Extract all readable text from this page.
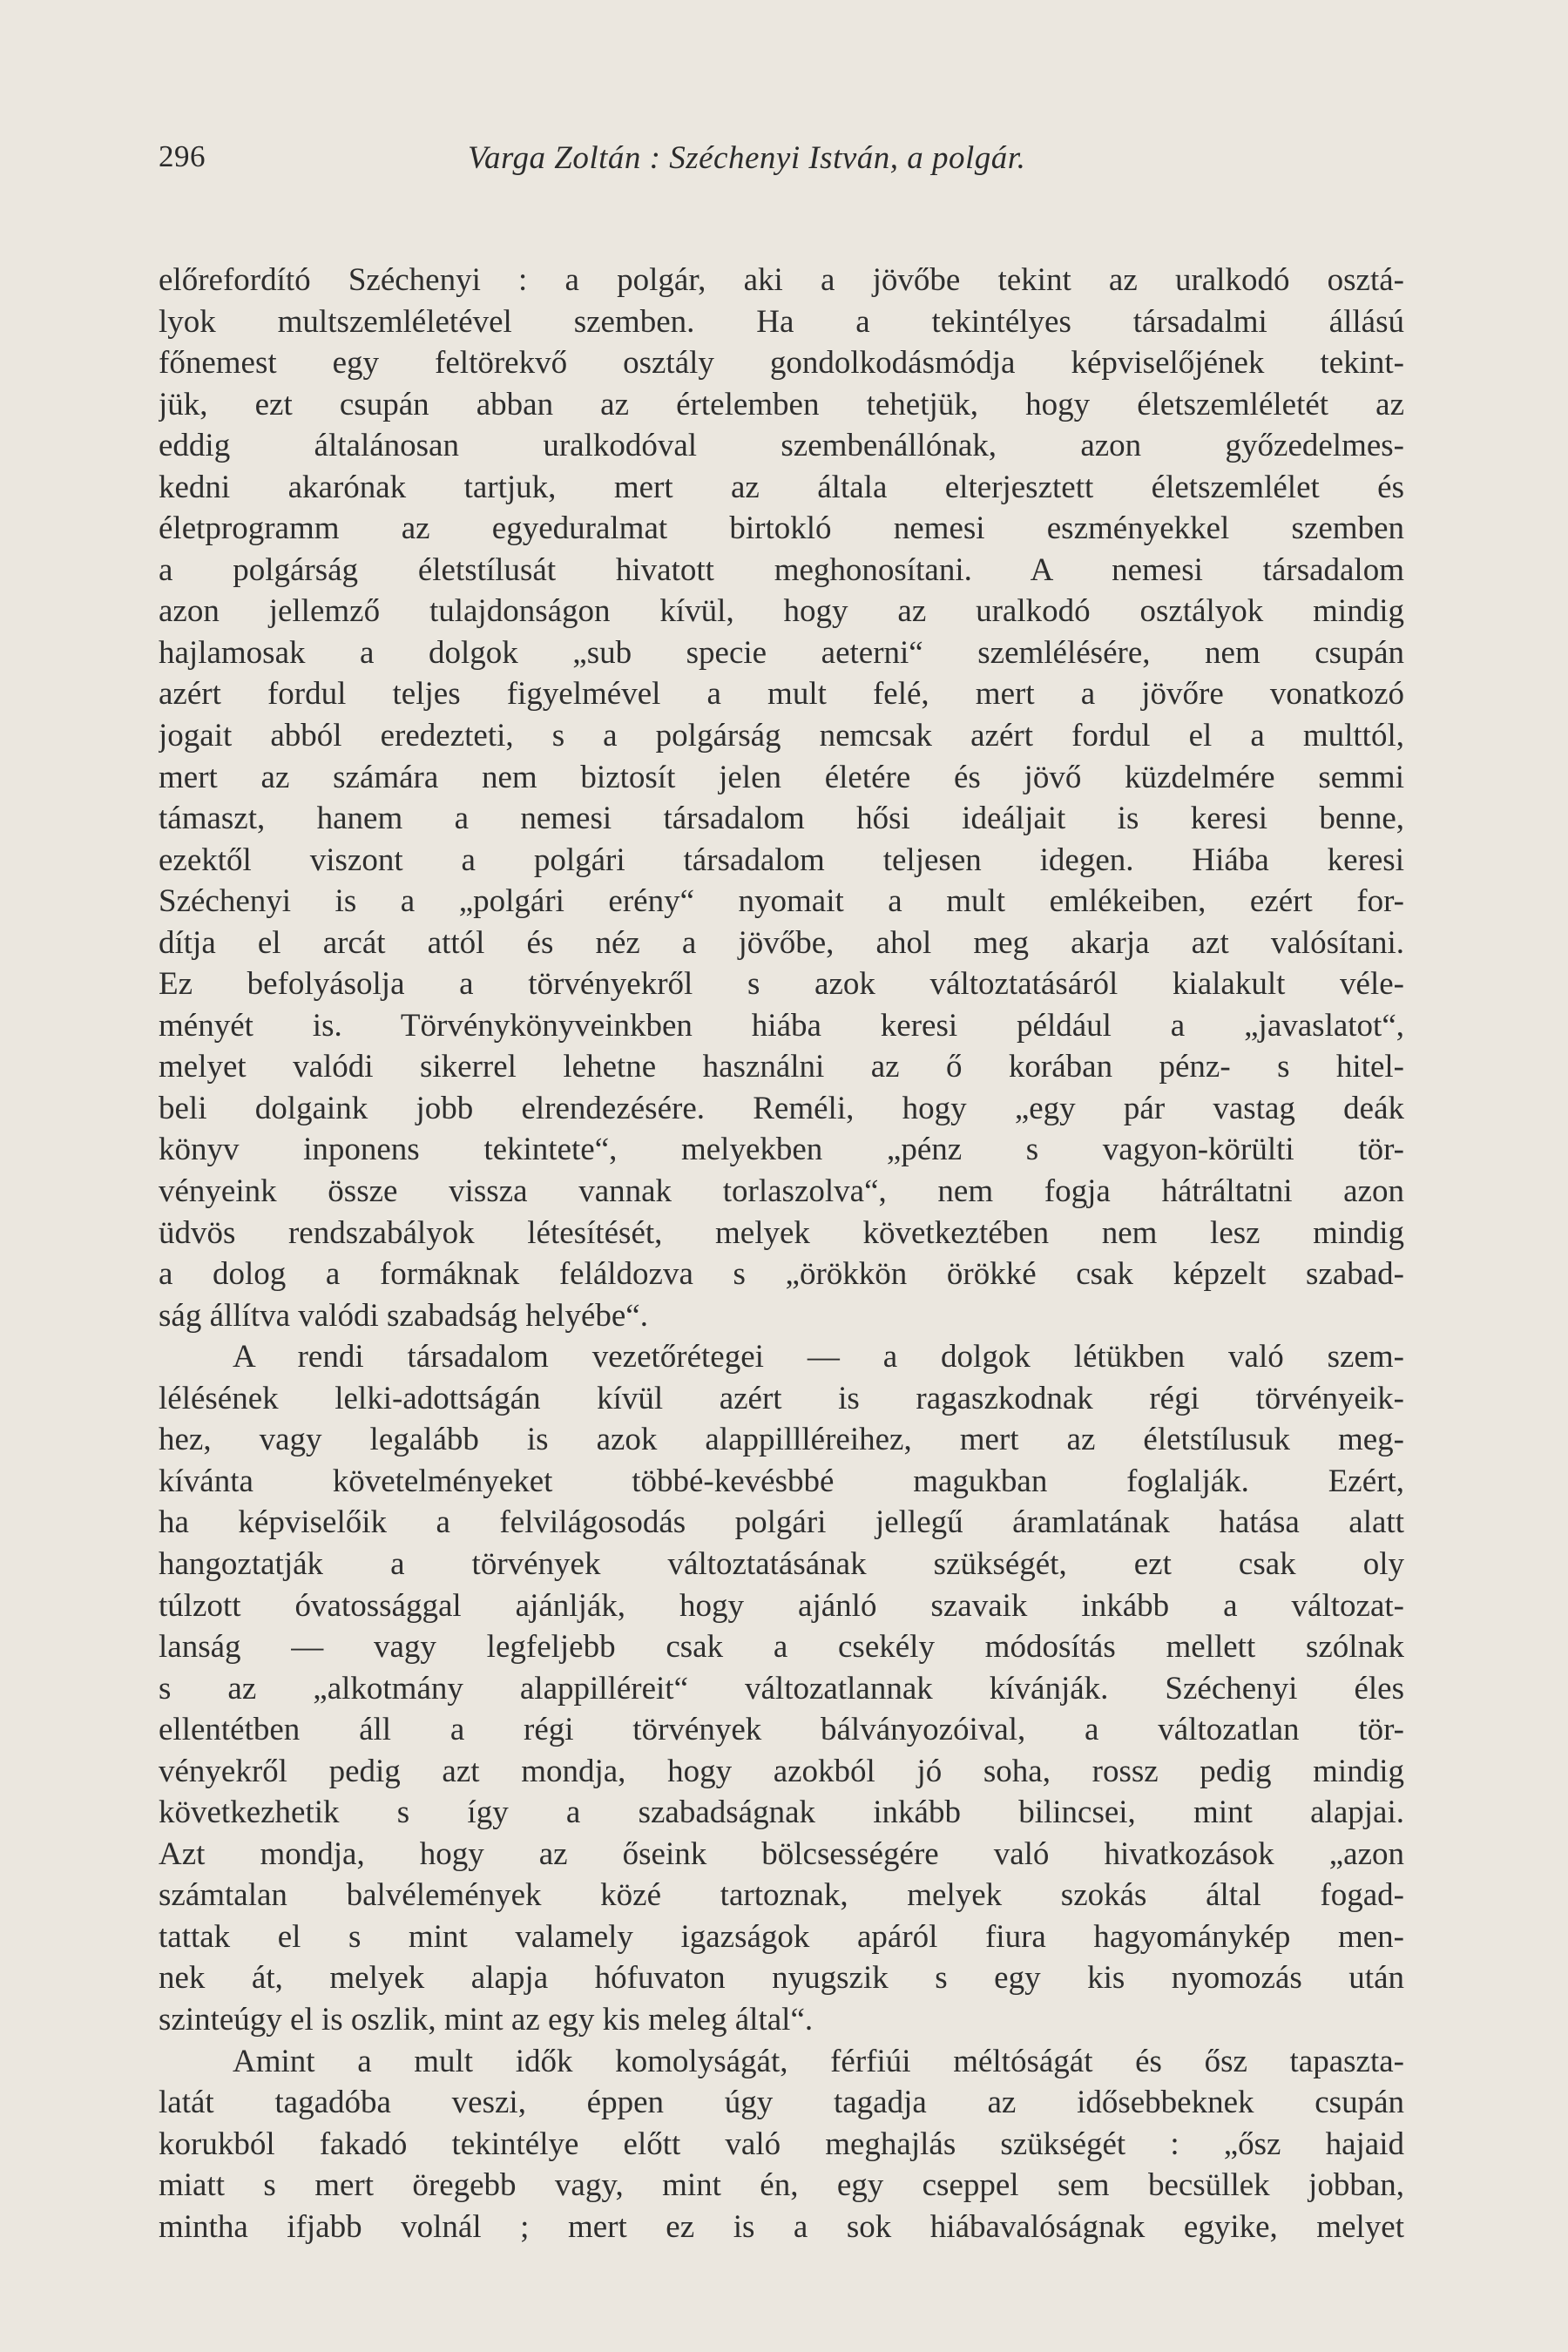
296	Varga Zoltán : Széchenyi István, a polgár.
előrefordító Széchenyi : a polgár, aki a jövőbe tekint az uralkodó osztá-
lyok multszemléletével szemben. Ha a tekintélyes társadalmi állású
főnemest egy feltörekvő osztály gondolkodásmódja képviselőjének tekint-
jük, ezt csupán abban az értelemben tehetjük, hogy életszemléletét az
eddig általánosan uralkodóval szembenállónak, azon győzedelmes-
kedni akarónak tartjuk, mert az általa elterjesztett életszemlélet és
életprogramm az egyeduralmat birtokló nemesi eszményekkel szemben
a polgárság életstílusát hivatott meghonosítani. A nemesi társadalom
azon jellemző tulajdonságon kívül, hogy az uralkodó osztályok mindig
hajlamosak a dolgok „sub specie aeterni“ szemlélésére, nem csupán
azért fordul teljes figyelmével a mult felé, mert a jövőre vonatkozó
jogait abból eredezteti, s a polgárság nemcsak azért fordul el a multtól,
mert az számára nem biztosít jelen életére és jövő küzdelmére semmi
támaszt, hanem a nemesi társadalom hősi ideáljait is keresi benne,
ezektől viszont a polgári társadalom teljesen idegen. Hiába keresi
Széchenyi is a „polgári erény“ nyomait a mult emlékeiben, ezért for-
dítja el arcát attól és néz a jövőbe, ahol meg akarja azt valósítani.
Ez befolyásolja a törvényekről s azok változtatásáról kialakult véle-
ményét is. Törvénykönyveinkben hiába keresi például a „javaslatot“,
melyet valódi sikerrel lehetne használni az ő korában pénz- s hitel-
beli dolgaink jobb elrendezésére. Reméli, hogy „egy pár vastag deák
könyv inponens tekintete“, melyekben „pénz s vagyon-körülti tör-
vényeink össze vissza vannak torlaszolva“, nem fogja hátráltatni azon
üdvös rendszabályok létesítését, melyek következtében nem lesz mindig
a dolog a formáknak feláldozva s „örökkön örökké csak képzelt szabad-
ság állítva valódi szabadság helyébe“.
A rendi társadalom vezetőrétegei — a dolgok létükben való szem-
lélésének lelki-adottságán kívül azért is ragaszkodnak régi törvényeik-
hez, vagy legalább is azok alappillléreihez, mert az életstílusuk meg-
kívánta követelményeket többé-kevésbbé magukban foglalják. Ezért,
ha képviselőik a felvilágosodás polgári jellegű áramlatának hatása alatt
hangoztatják a törvények változtatásának szükségét, ezt csak oly
túlzott óvatossággal ajánlják, hogy ajánló szavaik inkább a változat-
lanság — vagy legfeljebb csak a csekély módosítás mellett szólnak
s az „alkotmány alappilléreit“ változatlannak kívánják. Széchenyi éles
ellentétben áll a régi törvények bálványozóival, a változatlan tör-
vényekről pedig azt mondja, hogy azokból jó soha, rossz pedig mindig
következhetik s így a szabadságnak inkább bilincsei, mint alapjai.
Azt mondja, hogy az őseink bölcsességére való hivatkozások „azon
számtalan balvélemények közé tartoznak, melyek szokás által fogad-
tattak el s mint valamely igazságok apáról fiura hagyománykép men-
nek át, melyek alapja hófuvaton nyugszik s egy kis nyomozás után
szinteúgy el is oszlik, mint az egy kis meleg által“.
Amint a mult idők komolyságát, férfiúi méltóságát és ősz tapaszta-
latát tagadóba veszi, éppen úgy tagadja az idősebbeknek csupán
korukból fakadó tekintélye előtt való meghajlás szükségét : „ősz hajaid
miatt s mert öregebb vagy, mint én, egy cseppel sem becsüllek jobban,
mintha ifjabb volnál ; mert ez is a sok hiábavalóságnak egyike, melyet
